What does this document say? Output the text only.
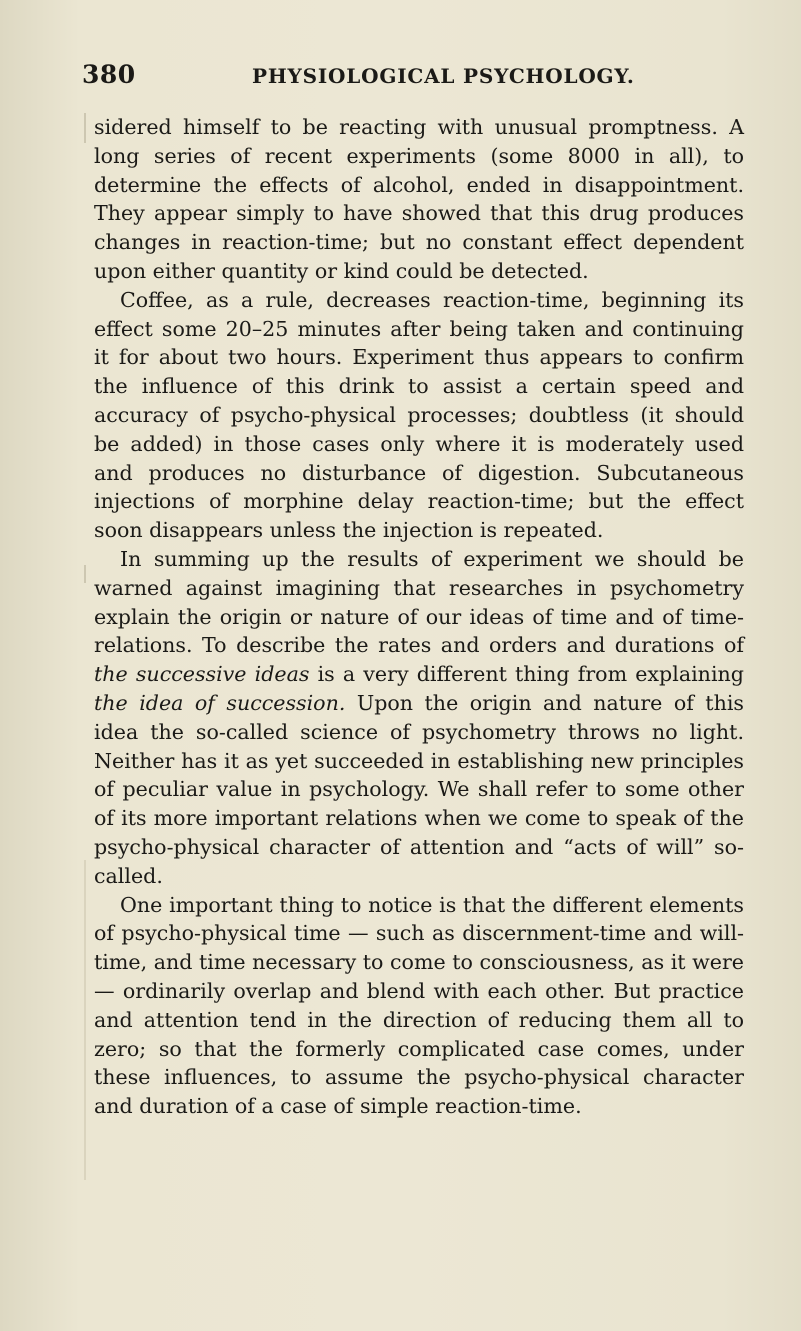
380	PHYSIOLOGICAL PSYCHOLOGY.

sidered himself to be reacting with unusual promptness. A long series of recent experiments (some 8000 in all), to determine the effects of alcohol, ended in disappointment. They appear simply to have showed that this drug produces changes in reaction-time; but no constant effect dependent upon either quantity or kind could be detected.

Coffee, as a rule, decreases reaction-time, beginning its effect some 20–25 minutes after being taken and continuing it for about two hours. Experiment thus appears to confirm the influence of this drink to assist a certain speed and accuracy of psycho-physical processes; doubtless (it should be added) in those cases only where it is moderately used and produces no disturbance of digestion. Subcutaneous injections of morphine delay reaction-time; but the effect soon disappears unless the injection is repeated.

In summing up the results of experiment we should be warned against imagining that researches in psychometry explain the origin or nature of our ideas of time and of time-relations. To describe the rates and orders and durations of the successive ideas is a very different thing from explaining the idea of succession. Upon the origin and nature of this idea the so-called science of psychometry throws no light. Neither has it as yet succeeded in establishing new principles of peculiar value in psychology. We shall refer to some other of its more important relations when we come to speak of the psycho-physical character of attention and “acts of will” so-called.

One important thing to notice is that the different elements of psycho-physical time — such as discernment-time and will-time, and time necessary to come to consciousness, as it were — ordinarily overlap and blend with each other. But practice and attention tend in the direction of reducing them all to zero; so that the formerly complicated case comes, under these influences, to assume the psycho-physical character and duration of a case of simple reaction-time.
